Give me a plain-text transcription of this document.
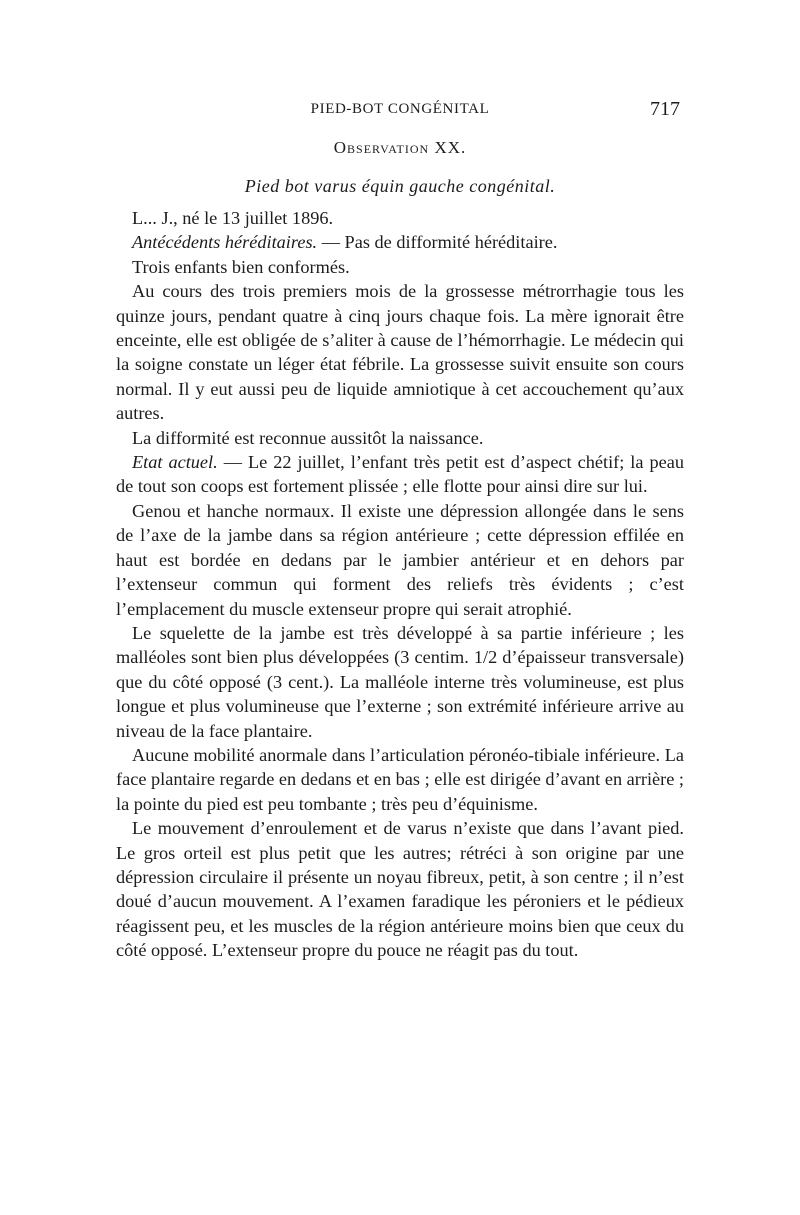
PIED-BOT CONGÉNITAL	717
Observation XX.
Pied bot varus équin gauche congénital.

L... J., né le 13 juillet 1896.

Antécédents héréditaires. — Pas de difformité héréditaire.

Trois enfants bien conformés.

Au cours des trois premiers mois de la grossesse métrorrhagie tous les quinze jours, pendant quatre à cinq jours chaque fois. La mère ignorait être enceinte, elle est obligée de s’aliter à cause de l’hémorrhagie. Le médecin qui la soigne constate un léger état fébrile. La grossesse suivit ensuite son cours normal. Il y eut aussi peu de liquide amniotique à cet accouchement qu’aux autres.

La difformité est reconnue aussitôt la naissance.

Etat actuel. — Le 22 juillet, l’enfant très petit est d’aspect chétif; la peau de tout son coops est fortement plissée ; elle flotte pour ainsi dire sur lui.

Genou et hanche normaux. Il existe une dépression allongée dans le sens de l’axe de la jambe dans sa région antérieure ; cette dépression effilée en haut est bordée en dedans par le jambier antérieur et en dehors par l’extenseur commun qui forment des reliefs très évidents ; c’est l’emplacement du muscle extenseur propre qui serait atrophié.

Le squelette de la jambe est très développé à sa partie inférieure ; les malléoles sont bien plus développées (3 centim. 1/2 d’épaisseur transversale) que du côté opposé (3 cent.). La malléole interne très volumineuse, est plus longue et plus volumineuse que l’externe ; son extrémité inférieure arrive au niveau de la face plantaire.

Aucune mobilité anormale dans l’articulation péronéo-tibiale inférieure. La face plantaire regarde en dedans et en bas ; elle est dirigée d’avant en arrière ; la pointe du pied est peu tombante ; très peu d’équinisme.

Le mouvement d’enroulement et de varus n’existe que dans l’avant pied. Le gros orteil est plus petit que les autres; rétréci à son origine par une dépression circulaire il présente un noyau fibreux, petit, à son centre ; il n’est doué d’aucun mouvement. A l’examen faradique les péroniers et le pédieux réagissent peu, et les muscles de la région antérieure moins bien que ceux du côté opposé. L’extenseur propre du pouce ne réagit pas du tout.
